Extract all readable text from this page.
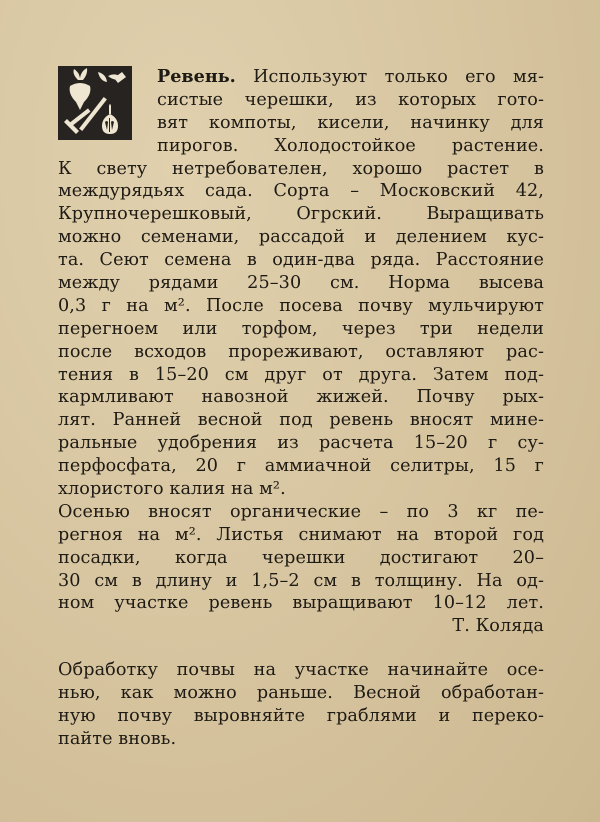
Ревень. Используют только его мя-
систые черешки, из которых гото-
вят компоты, кисели, начинку для
пирогов. Холодостойкое растение.
К свету нетребователен, хорошо растет в
междурядьях сада. Сорта – Московский 42,
Крупночерешковый, Огрский. Выращивать
можно семенами, рассадой и делением кус-
та. Сеют семена в один-два ряда. Расстояние
между рядами 25–30 см. Норма высева
0,3 г на м². После посева почву мульчируют
перегноем или торфом, через три недели
после всходов прореживают, оставляют рас-
тения в 15–20 см друг от друга. Затем под-
кармливают навозной жижей. Почву рых-
лят. Ранней весной под ревень вносят мине-
ральные удобрения из расчета 15–20 г су-
перфосфата, 20 г аммиачной селитры, 15 г
хлористого калия на м².
Осенью вносят органические – по 3 кг пе-
регноя на м². Листья снимают на второй год
посадки, когда черешки достигают 20–
30 см в длину и 1,5–2 см в толщину. На од-
ном участке ревень выращивают 10–12 лет.
Т. Коляда
Обработку почвы на участке начинайте осе-
нью, как можно раньше. Весной обработан-
ную почву выровняйте граблями и переко-
пайте вновь.
